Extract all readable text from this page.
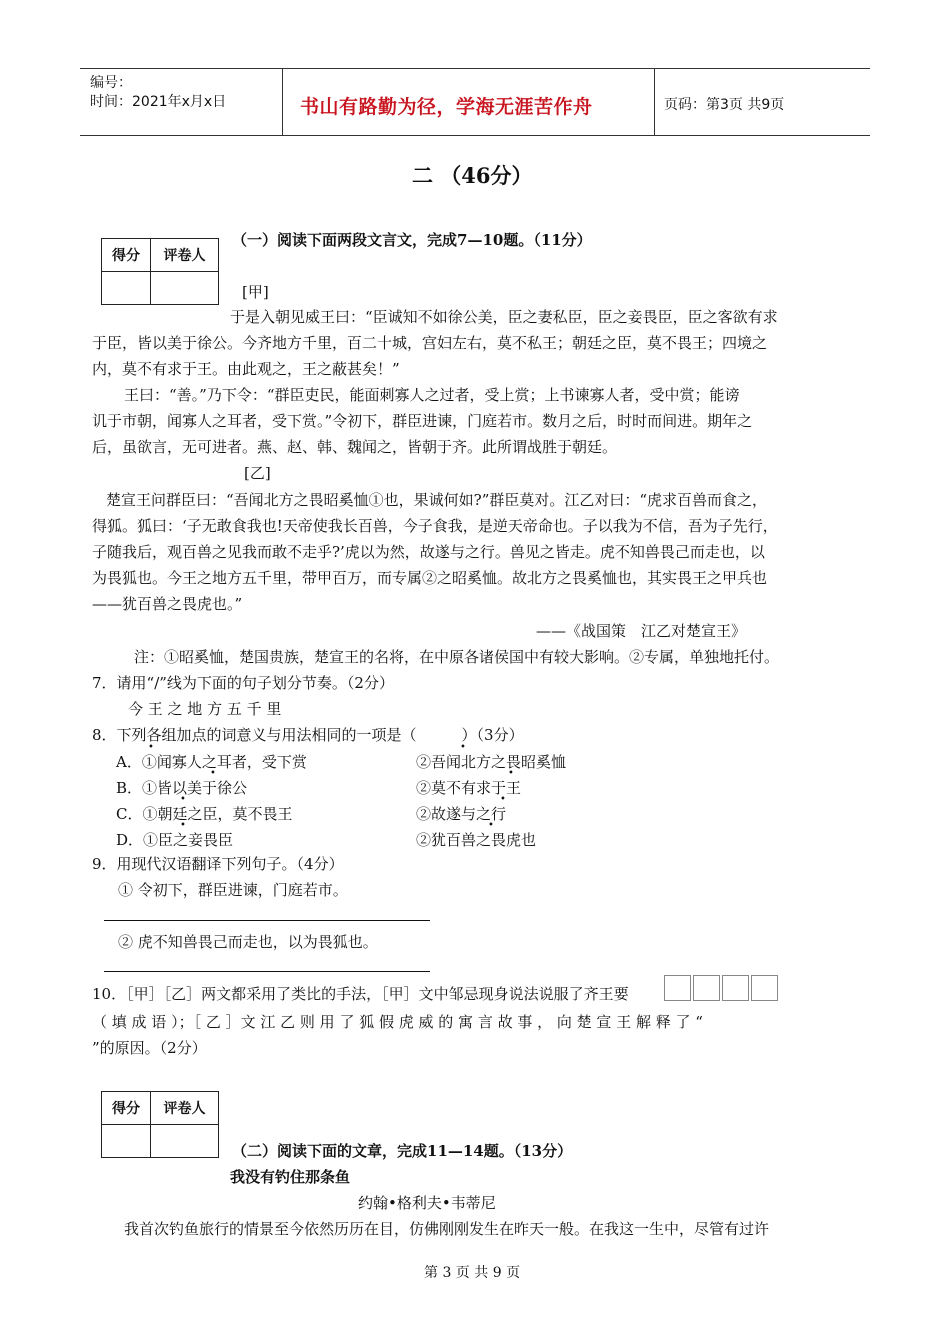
编号：
时间：2021年x月x日	书山有路勤为径，学海无涯苦作舟	页码：第3页 共9页
二 （46分）
得分	评卷人

（一）阅读下面两段文言文，完成7—10题。（11分）
[甲]
于是入朝见威王曰：“臣诚知不如徐公美，臣之妻私臣，臣之妾畏臣，臣之客欲有求
于臣，皆以美于徐公。今齐地方千里，百二十城，宫妇左右，莫不私王；朝廷之臣，莫不畏王；四境之
内，莫不有求于王。由此观之，王之蔽甚矣！”
王曰：“善。”乃下令：“群臣吏民，能面刺寡人之过者，受上赏；上书谏寡人者，受中赏；能谤
讥于市朝，闻寡人之耳者，受下赏。”令初下，群臣进谏，门庭若市。数月之后，时时而间进。期年之
后，虽欲言，无可进者。燕、赵、韩、魏闻之，皆朝于齐。此所谓战胜于朝廷。
[乙]
楚宣王问群臣曰：“吾闻北方之畏昭奚恤①也，果诚何如?”群臣莫对。江乙对曰：“虎求百兽而食之，
得狐。狐曰：‘子无敢食我也!天帝使我长百兽，今子食我，是逆天帝命也。子以我为不信，吾为子先行，
子随我后，观百兽之见我而敢不走乎?’虎以为然，故遂与之行。兽见之皆走。虎不知兽畏己而走也，以
为畏狐也。今王之地方五千里，带甲百万，而专属②之昭奚恤。故北方之畏奚恤也，其实畏王之甲兵也
——犹百兽之畏虎也。”
——《战国策　江乙对楚宣王》
注：①昭奚恤，楚国贵族，楚宣王的名将，在中原各诸侯国中有较大影响。②专属，单独地托付。
7．请用“/”线为下面的句子划分节奏。（2分）
今 王 之 地 方 五 千 里
8．下列各组加点的词意义与用法相同的一项是（　　　）（3分）
A．①闻寡人之耳者，受下赏	②吾闻北方之畏昭奚恤
B．①皆以美于徐公	②莫不有求于王
C．①朝廷之臣，莫不畏王	②故遂与之行
D．①臣之妾畏臣	②犹百兽之畏虎也
•	•
•	•
•	•
•	•
9．用现代汉语翻译下列句子。（4分）
① 令初下，群臣进谏，门庭若市。
② 虎不知兽畏己而走也，以为畏狐也。
10．［甲］［乙］两文都采用了类比的手法，［甲］文中邹忌现身说法说服了齐王要
（ 填 成 语 ）；［ 乙 ］文 江 乙 则 用 了 狐 假 虎 威 的 寓 言 故 事 ， 向 楚 宣 王 解 释 了 “
”的原因。（2分）
得分	评卷人

（二）阅读下面的文章，完成11—14题。（13分）
我没有钓住那条鱼
约翰•格利夫•韦蒂尼
我首次钓鱼旅行的情景至今依然历历在目，仿佛刚刚发生在昨天一般。在我这一生中，尽管有过许
第 3 页 共 9 页
